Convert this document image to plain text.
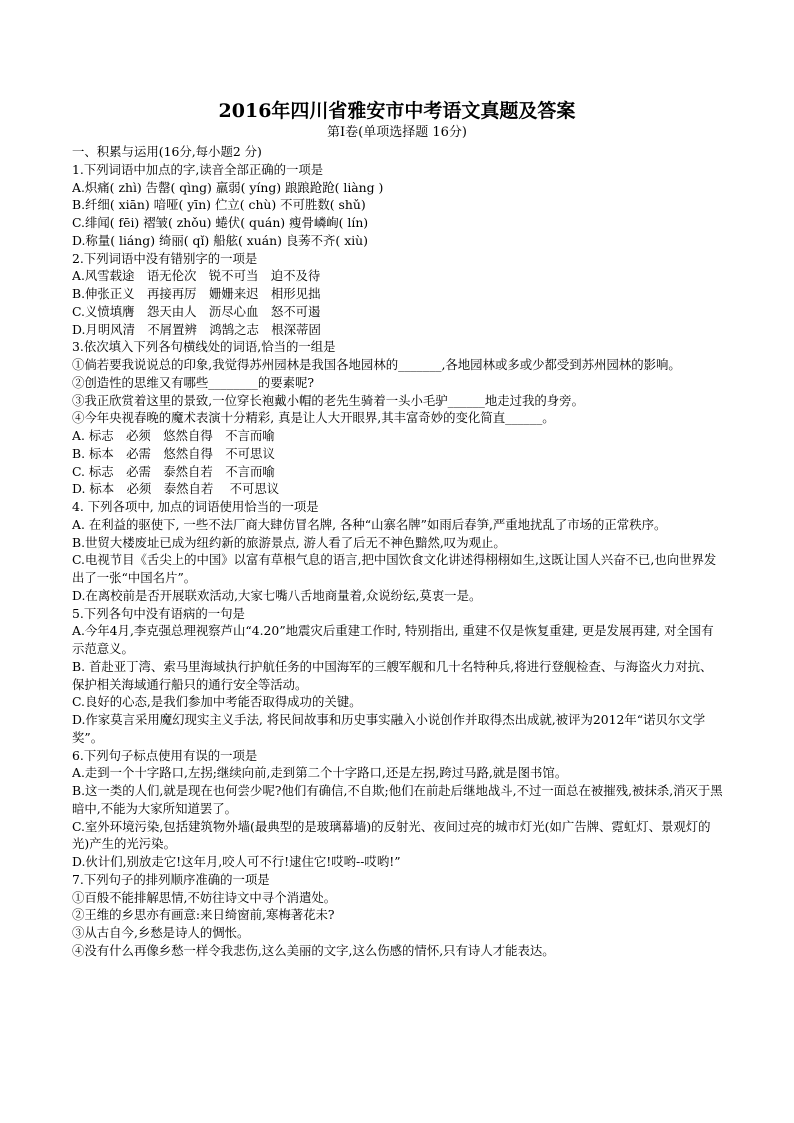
2016年四川省雅安市中考语文真题及答案
第Ⅰ卷(单项选择题 16分)
一、积累与运用(16分,每小题2 分)
1.下列词语中加点的字,读音全部正确的一项是
A.炽痛( zhì) 告罄( qìng) 羸弱( yíng) 踉踉跄跄( liàng )
B.纤细( xiān) 喑哑( yīn) 伫立( chù) 不可胜数( shǔ)
C.绯闻( fēi) 褶皱( zhǒu) 蜷伏( quán) 瘦骨嶙峋( lín)
D.称量( liáng) 绮丽( qǐ) 船舷( xuán) 良莠不齐( xiù)
2.下列词语中没有错别字的一项是
A.风雪载途　语无伦次　锐不可当　迫不及待
B.伸张正义　再接再厉　姗姗来迟　相形见拙
C.义愤填膺　怨天由人　沥尽心血　怒不可遏
D.月明风清　不屑置辨　鸿鹄之志　根深蒂固
3.依次填入下列各句横线处的词语,恰当的一组是
①倘若要我说说总的印象,我觉得苏州园林是我国各地园林的_______,各地园林或多或少都受到苏州园林的影响。
②创造性的思维又有哪些________的要素呢?
③我正欣赏着这里的景致,一位穿长袍戴小帽的老先生骑着一头小毛驴______地走过我的身旁。
④今年央视春晚的魔术表演十分精彩, 真是让人大开眼界,其丰富奇妙的变化简直______。
A. 标志　必须　悠然自得　不言而喻
B. 标本　必需　悠然自得　不可思议
C. 标志　必需　泰然自若　不言而喻
D. 标本　必须　泰然自若　 不可思议
4. 下列各项中, 加点的词语使用恰当的一项是
A. 在利益的驱使下, 一些不法厂商大肆仿冒名牌, 各种“山寨名牌”如雨后春笋,严重地扰乱了市场的正常秩序。
B.世贸大楼废址已成为纽约新的旅游景点, 游人看了后无不神色黯然,叹为观止。
C.电视节目《舌尖上的中国》以富有草根气息的语言,把中国饮食文化讲述得栩栩如生,这既让国人兴奋不已,也向世界发出了一张“中国名片”。
D.在离校前是否开展联欢活动,大家七嘴八舌地商量着,众说纷纭,莫衷一是。
5.下列各句中没有语病的一句是
A.今年4月,李克强总理视察芦山“4.20”地震灾后重建工作时, 特别指出, 重建不仅是恢复重建, 更是发展再建, 对全国有示范意义。
B. 首赴亚丁湾、索马里海域执行护航任务的中国海军的三艘军舰和几十名特种兵,将进行登舰检查、与海盗火力对抗、保护相关海域通行船只的通行安全等活动。
C.良好的心态,是我们参加中考能否取得成功的关键。
D.作家莫言采用魔幻现实主义手法, 将民间故事和历史事实融入小说创作并取得杰出成就,被评为2012年“诺贝尔文学奖”。
6.下列句子标点使用有误的一项是
A.走到一个十字路口,左拐;继续向前,走到第二个十字路口,还是左拐,跨过马路,就是图书馆。
B.这一类的人们,就是现在也何尝少呢?他们有确信,不自欺;他们在前赴后继地战斗,不过一面总在被摧残,被抹杀,消灭于黑暗中,不能为大家所知道罢了。
C.室外环境污染,包括建筑物外墙(最典型的是玻璃幕墙)的反射光、夜间过亮的城市灯光(如广告牌、霓虹灯、景观灯的光)产生的光污染。
D.伙计们,别放走它!这年月,咬人可不行!逮住它!哎哟--哎哟!”
7.下列句子的排列顺序准确的一项是
①百般不能排解思情,不妨往诗文中寻个消遣处。
②王维的乡思亦有画意:来日绮窗前,寒梅著花未?
③从古自今,乡愁是诗人的惆怅。
④没有什么再像乡愁一样令我悲伤,这么美丽的文字,这么伤感的情怀,只有诗人才能表达。
